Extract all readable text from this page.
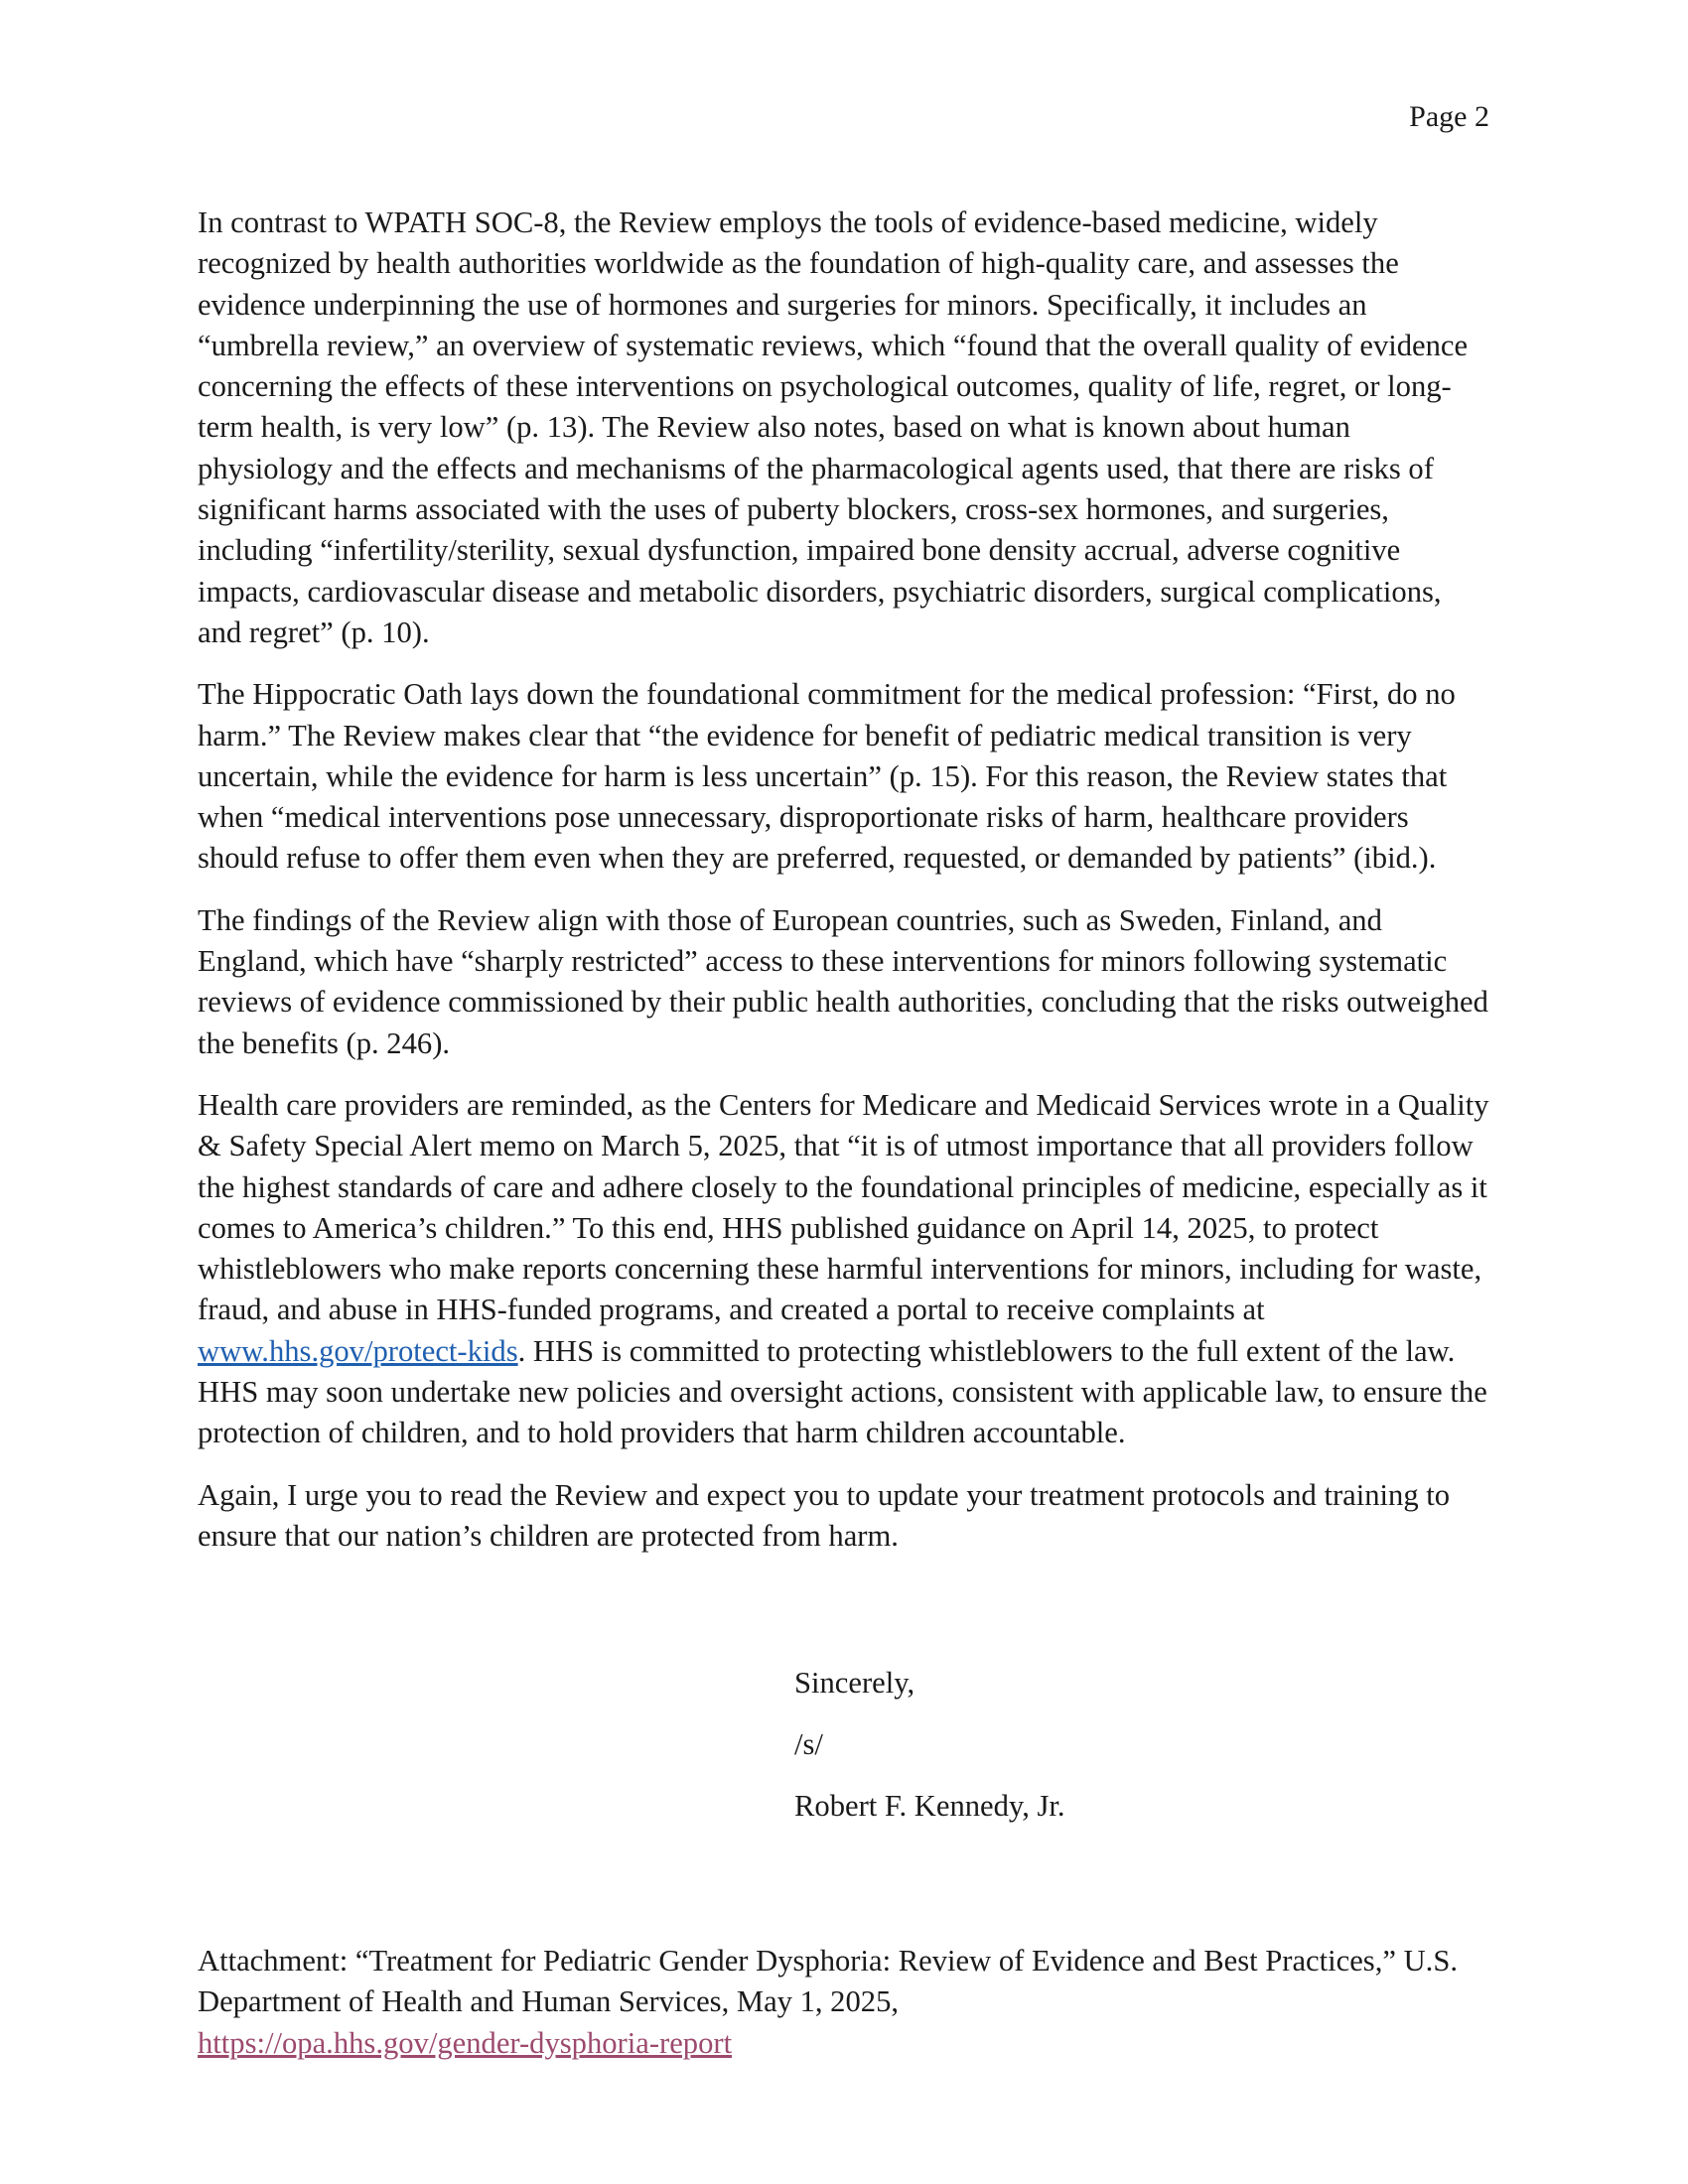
Page 2

In contrast to WPATH SOC-8, the Review employs the tools of evidence-based medicine, widely recognized by health authorities worldwide as the foundation of high-quality care, and assesses the evidence underpinning the use of hormones and surgeries for minors. Specifically, it includes an “umbrella review,” an overview of systematic reviews, which “found that the overall quality of evidence concerning the effects of these interventions on psychological outcomes, quality of life, regret, or long-term health, is very low” (p. 13). The Review also notes, based on what is known about human physiology and the effects and mechanisms of the pharmacological agents used, that there are risks of significant harms associated with the uses of puberty blockers, cross-sex hormones, and surgeries, including “infertility/sterility, sexual dysfunction, impaired bone density accrual, adverse cognitive impacts, cardiovascular disease and metabolic disorders, psychiatric disorders, surgical complications, and regret” (p. 10).

The Hippocratic Oath lays down the foundational commitment for the medical profession: “First, do no harm.” The Review makes clear that “the evidence for benefit of pediatric medical transition is very uncertain, while the evidence for harm is less uncertain” (p. 15). For this reason, the Review states that when “medical interventions pose unnecessary, disproportionate risks of harm, healthcare providers should refuse to offer them even when they are preferred, requested, or demanded by patients” (ibid.).

The findings of the Review align with those of European countries, such as Sweden, Finland, and England, which have “sharply restricted” access to these interventions for minors following systematic reviews of evidence commissioned by their public health authorities, concluding that the risks outweighed the benefits (p. 246).

Health care providers are reminded, as the Centers for Medicare and Medicaid Services wrote in a Quality & Safety Special Alert memo on March 5, 2025, that “it is of utmost importance that all providers follow the highest standards of care and adhere closely to the foundational principles of medicine, especially as it comes to America’s children.” To this end, HHS published guidance on April 14, 2025, to protect whistleblowers who make reports concerning these harmful interventions for minors, including for waste, fraud, and abuse in HHS-funded programs, and created a portal to receive complaints at www.hhs.gov/protect-kids. HHS is committed to protecting whistleblowers to the full extent of the law. HHS may soon undertake new policies and oversight actions, consistent with applicable law, to ensure the protection of children, and to hold providers that harm children accountable.

Again, I urge you to read the Review and expect you to update your treatment protocols and training to ensure that our nation’s children are protected from harm.

Sincerely,
/s/
Robert F. Kennedy, Jr.
Attachment: “Treatment for Pediatric Gender Dysphoria: Review of Evidence and Best Practices,” U.S. Department of Health and Human Services, May 1, 2025,
https://opa.hhs.gov/gender-dysphoria-report
